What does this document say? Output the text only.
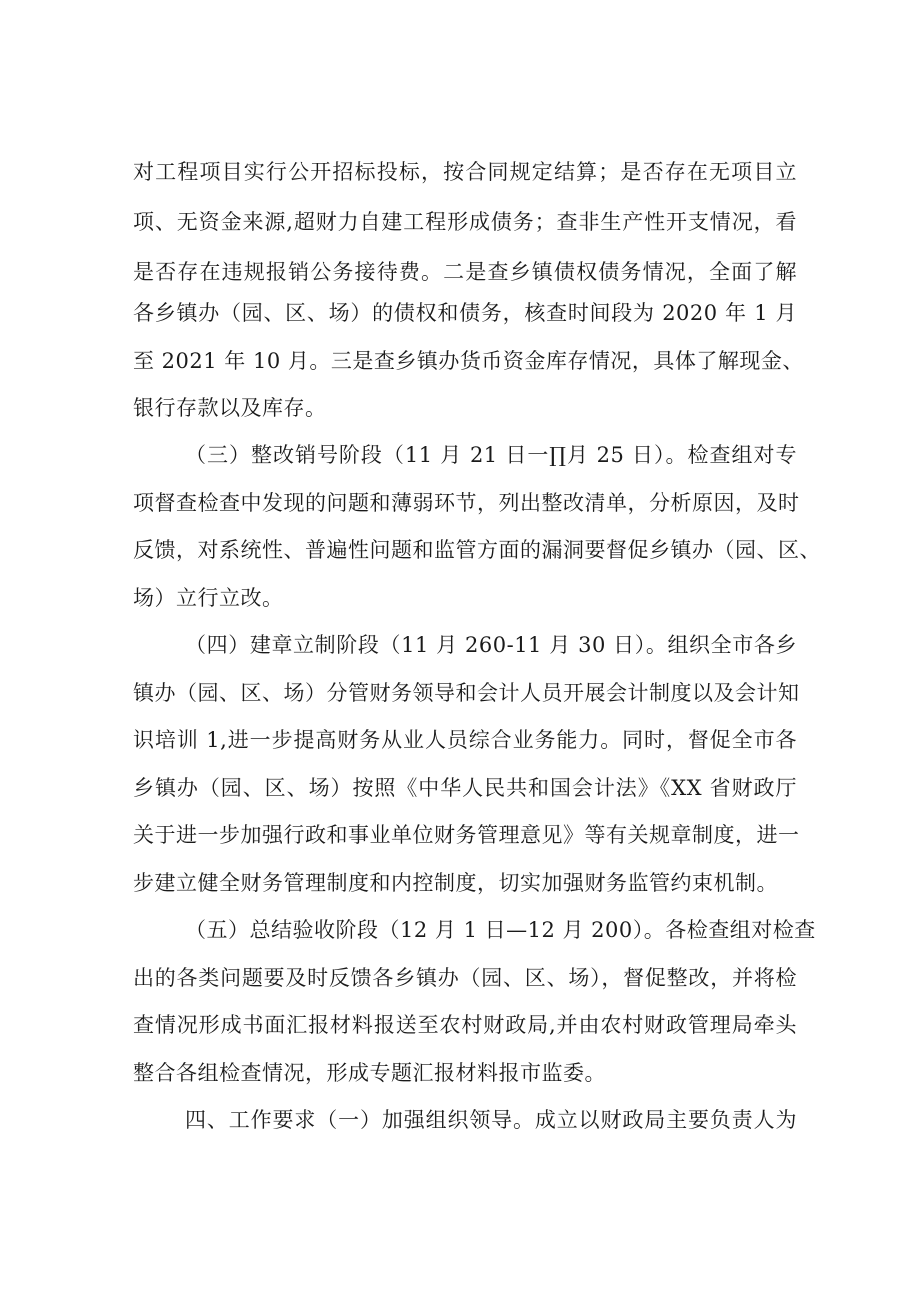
对工程项目实行公开招标投标，按合同规定结算；是否存在无项目立
项、无资金来源,超财力自建工程形成债务；查非生产性开支情况，看
是否存在违规报销公务接待费。二是查乡镇债权债务情况，全面了解
各乡镇办（园、区、场）的债权和债务，核查时间段为 2020 年 1 月
至 2021 年 10 月。三是查乡镇办货币资金库存情况，具体了解现金、
银行存款以及库存。
（三）整改销号阶段（11 月 21 日一∏月 25 日）。检查组对专
项督查检查中发现的问题和薄弱环节，列出整改清单，分析原因，及时
反馈，对系统性、普遍性问题和监管方面的漏洞要督促乡镇办（园、区、
场）立行立改。
（四）建章立制阶段（11 月 260-11 月 30 日）。组织全市各乡
镇办（园、区、场）分管财务领导和会计人员开展会计制度以及会计知
识培训 1,进一步提高财务从业人员综合业务能力。同时，督促全市各
乡镇办（园、区、场）按照《中华人民共和国会计法》《XX 省财政厅
关于进一步加强行政和事业单位财务管理意见》等有关规章制度，进一
步建立健全财务管理制度和内控制度，切实加强财务监管约束机制。
（五）总结验收阶段（12 月 1 日—12 月 200）。各检查组对检查
出的各类问题要及时反馈各乡镇办（园、区、场），督促整改，并将检
查情况形成书面汇报材料报送至农村财政局,并由农村财政管理局牵头
整合各组检查情况，形成专题汇报材料报市监委。
四、工作要求（一）加强组织领导。成立以财政局主要负责人为
